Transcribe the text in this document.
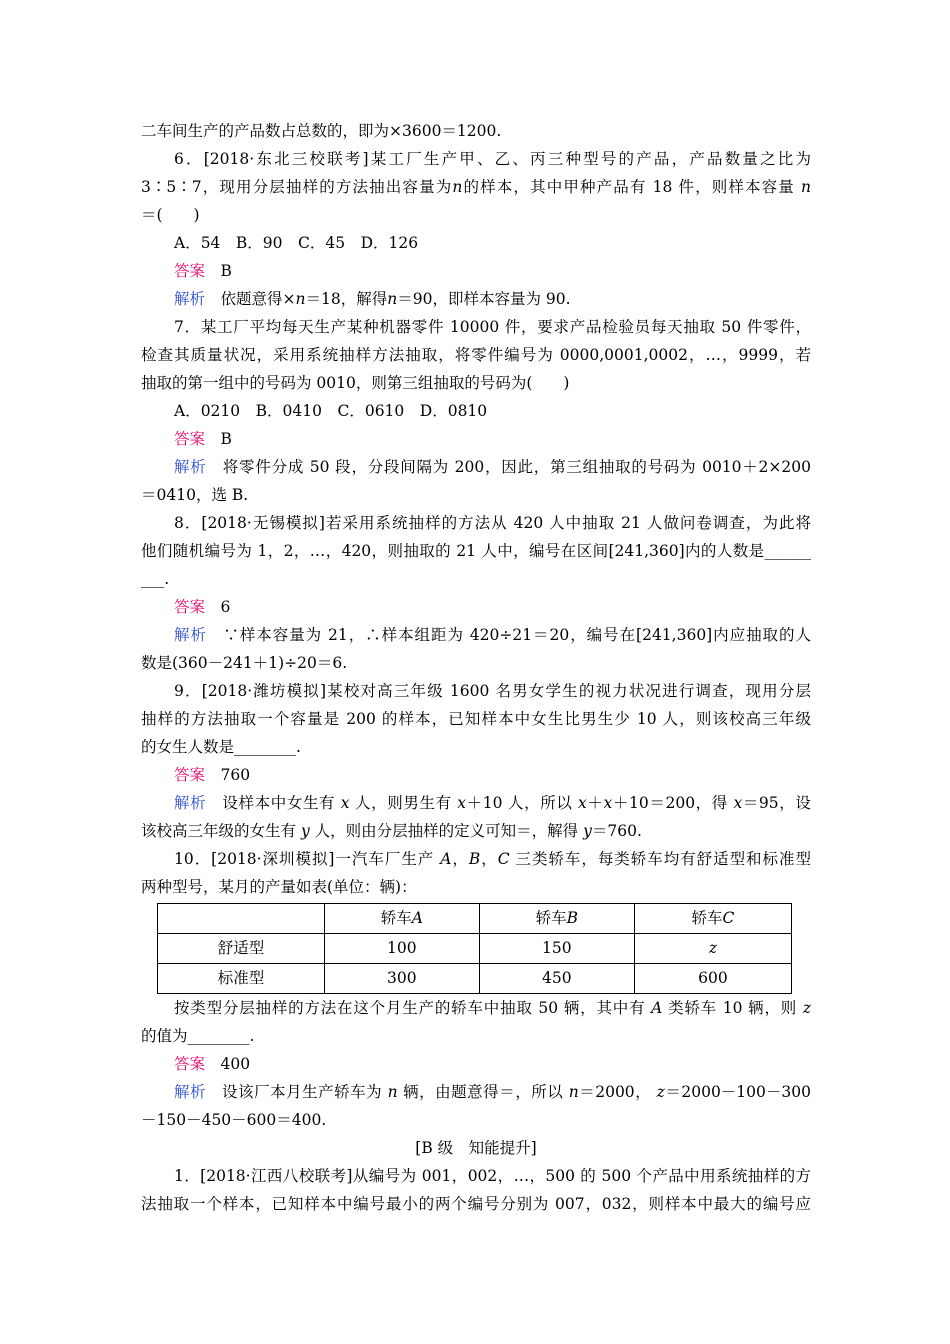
二车间生产的产品数占总数的，即为×3600＝1200.
6．[2018·东北三校联考]某工厂生产甲、乙、丙三种型号的产品，产品数量之比为
3∶5∶7，现用分层抽样的方法抽出容量为n的样本，其中甲种产品有 18 件，则样本容量 n
＝(　　)
A．54　B．90　C．45　D．126
答案　 B
解析　 依题意得×n＝18，解得n＝90，即样本容量为 90.
7．某工厂平均每天生产某种机器零件 10000 件，要求产品检验员每天抽取 50 件零件，
检查其质量状况，采用系统抽样方法抽取，将零件编号为 0000,0001,0002，…，9999，若
抽取的第一组中的号码为 0010，则第三组抽取的号码为(　　)
A．0210　B．0410　C．0610　D．0810
答案　 B
解析　 将零件分成 50 段，分段间隔为 200，因此，第三组抽取的号码为 0010＋2×200
＝0410，选 B.
8．[2018·无锡模拟]若采用系统抽样的方法从 420 人中抽取 21 人做问卷调查，为此将
他们随机编号为 1，2，…，420，则抽取的 21 人中，编号在区间[241,360]内的人数是______
___.
答案　 6
解析　 ∵样本容量为 21，∴样本组距为 420÷21＝20，编号在[241,360]内应抽取的人
数是(360－241＋1)÷20＝6.
9．[2018·潍坊模拟]某校对高三年级 1600 名男女学生的视力状况进行调查，现用分层
抽样的方法抽取一个容量是 200 的样本，已知样本中女生比男生少 10 人，则该校高三年级
的女生人数是________.
答案　 760
解析　 设样本中女生有 x 人，则男生有 x＋10 人，所以 x＋x＋10＝200，得 x＝95，设
该校高三年级的女生有 y 人，则由分层抽样的定义可知＝，解得 y＝760.
10．[2018·深圳模拟]一汽车厂生产 A，B，C 三类轿车，每类轿车均有舒适型和标准型
两种型号，某月的产量如表(单位：辆)：
	轿车A	轿车B	轿车C
舒适型	100	150	z
标准型	300	450	600
按类型分层抽样的方法在这个月生产的轿车中抽取 50 辆，其中有 A 类轿车 10 辆，则 z
的值为________.
答案　 400
解析　 设该厂本月生产轿车为 n 辆，由题意得＝，所以 n＝2000， z＝2000－100－300
－150－450－600＝400.
[B 级　知能提升]
1．[2018·江西八校联考]从编号为 001，002，…，500 的 500 个产品中用系统抽样的方
法抽取一个样本，已知样本中编号最小的两个编号分别为 007，032，则样本中最大的编号应
